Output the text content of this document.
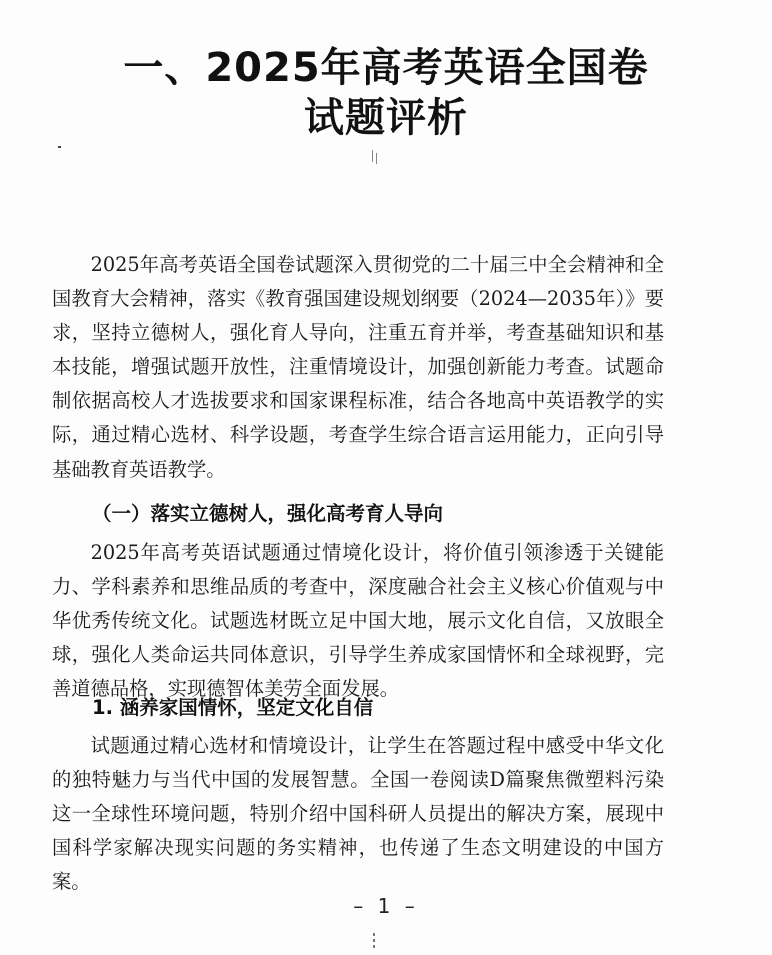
一、2025年高考英语全国卷
试题评析

2025年高考英语全国卷试题深入贯彻党的二十届三中全会精神和全国教育大会精神，落实《教育强国建设规划纲要（2024—2035年）》要求，坚持立德树人，强化育人导向，注重五育并举，考查基础知识和基本技能，增强试题开放性，注重情境设计，加强创新能力考查。试题命制依据高校人才选拔要求和国家课程标准，结合各地高中英语教学的实际，通过精心选材、科学设题，考查学生综合语言运用能力，正向引导基础教育英语教学。

（一）落实立德树人，强化高考育人导向

2025年高考英语试题通过情境化设计，将价值引领渗透于关键能力、学科素养和思维品质的考查中，深度融合社会主义核心价值观与中华优秀传统文化。试题选材既立足中国大地，展示文化自信，又放眼全球，强化人类命运共同体意识，引导学生养成家国情怀和全球视野，完善道德品格，实现德智体美劳全面发展。

1. 涵养家国情怀，坚定文化自信

试题通过精心选材和情境设计，让学生在答题过程中感受中华文化的独特魅力与当代中国的发展智慧。全国一卷阅读D篇聚焦微塑料污染这一全球性环境问题，特别介绍中国科研人员提出的解决方案，展现中国科学家解决现实问题的务实精神，也传递了生态文明建设的中国方案。

– 1 –
